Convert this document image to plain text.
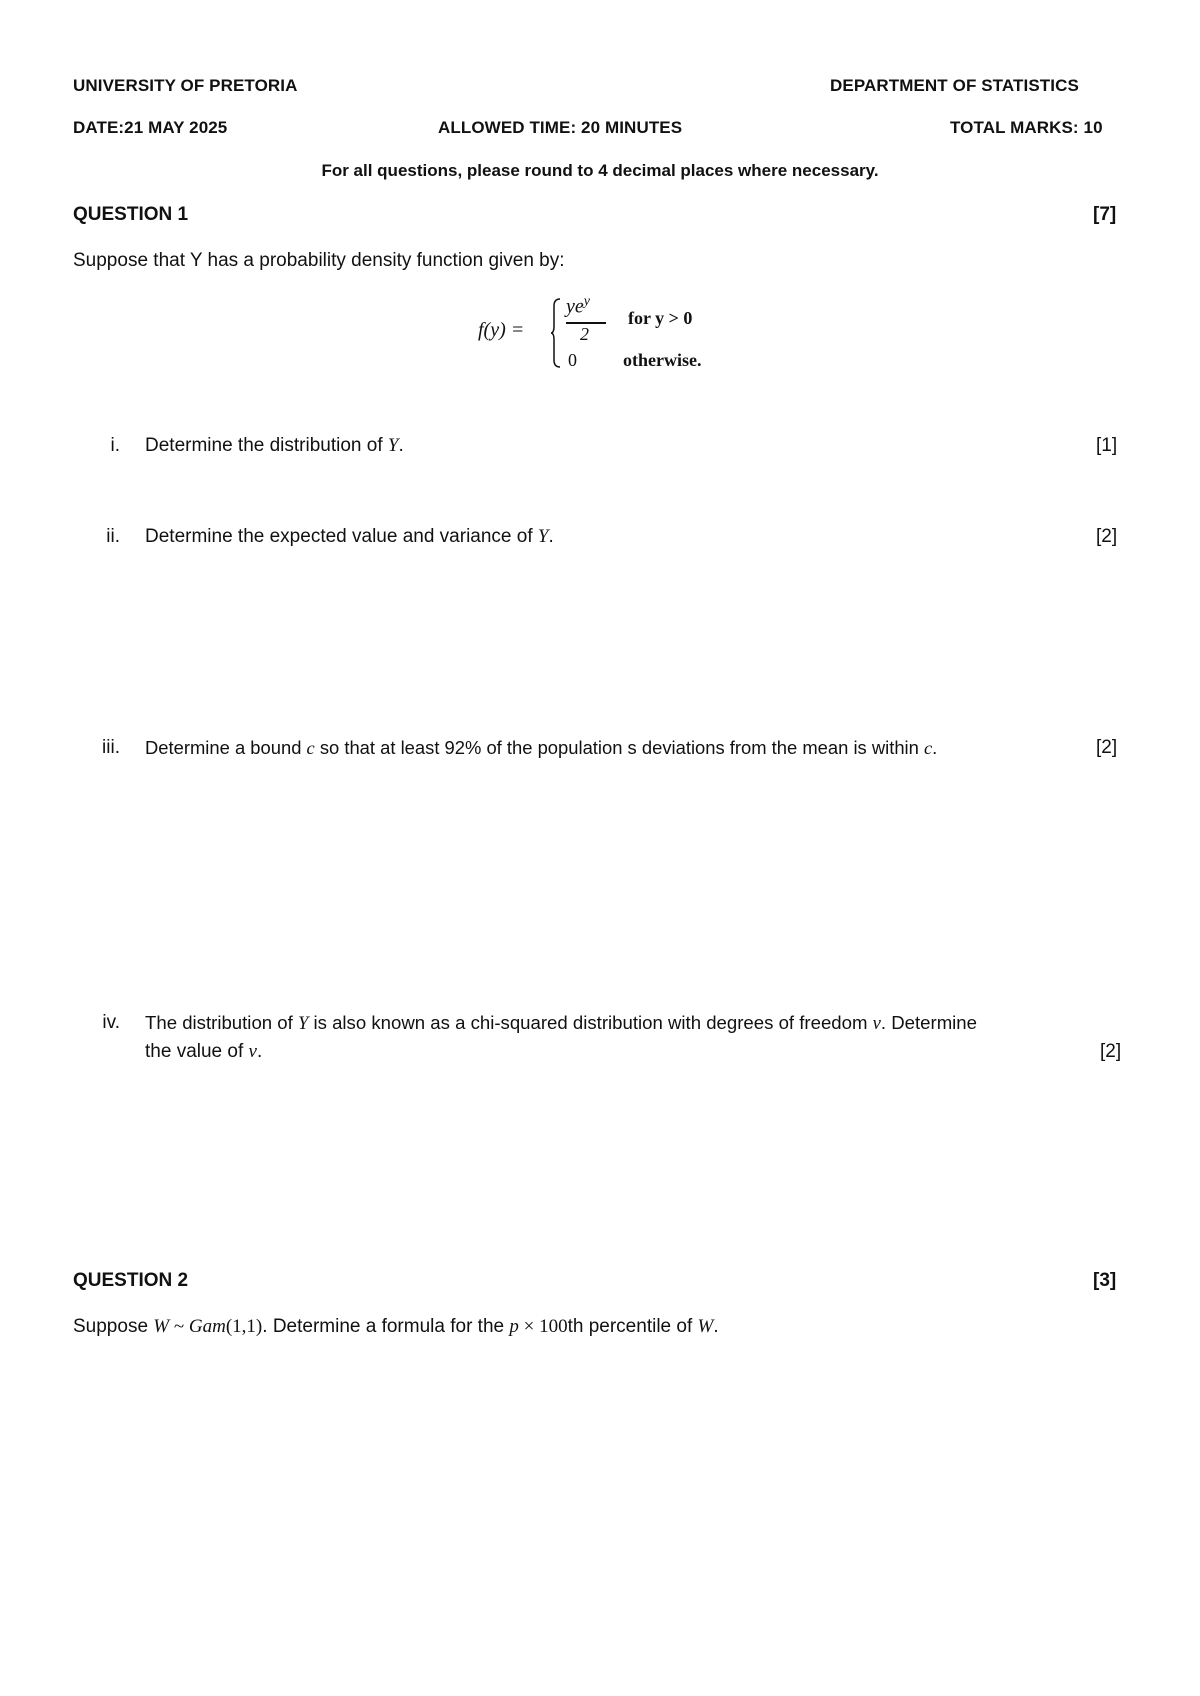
UNIVERSITY OF PRETORIA	DEPARTMENT OF STATISTICS
DATE:21 MAY 2025	ALLOWED TIME: 20 MINUTES	TOTAL MARKS: 10
For all questions, please round to 4 decimal places where necessary.
QUESTION 1	[7]
Suppose that Y has a probability density function given by:
f(y) =
$ye^y$
2
for y > 0
0	otherwise.
i. Determine the distribution of Y.	[1]
ii. Determine the expected value and variance of Y.	[2]
iii. Determine a bound c so that at least 92% of the population s deviations from the mean is within c.	[2]
iv. The distribution of Y is also known as a chi-squared distribution with degrees of freedom v. Determine
the value of v.	[2]
QUESTION 2	[3]
Suppose W ~ Gam(1,1). Determine a formula for the p × 100th percentile of W.
